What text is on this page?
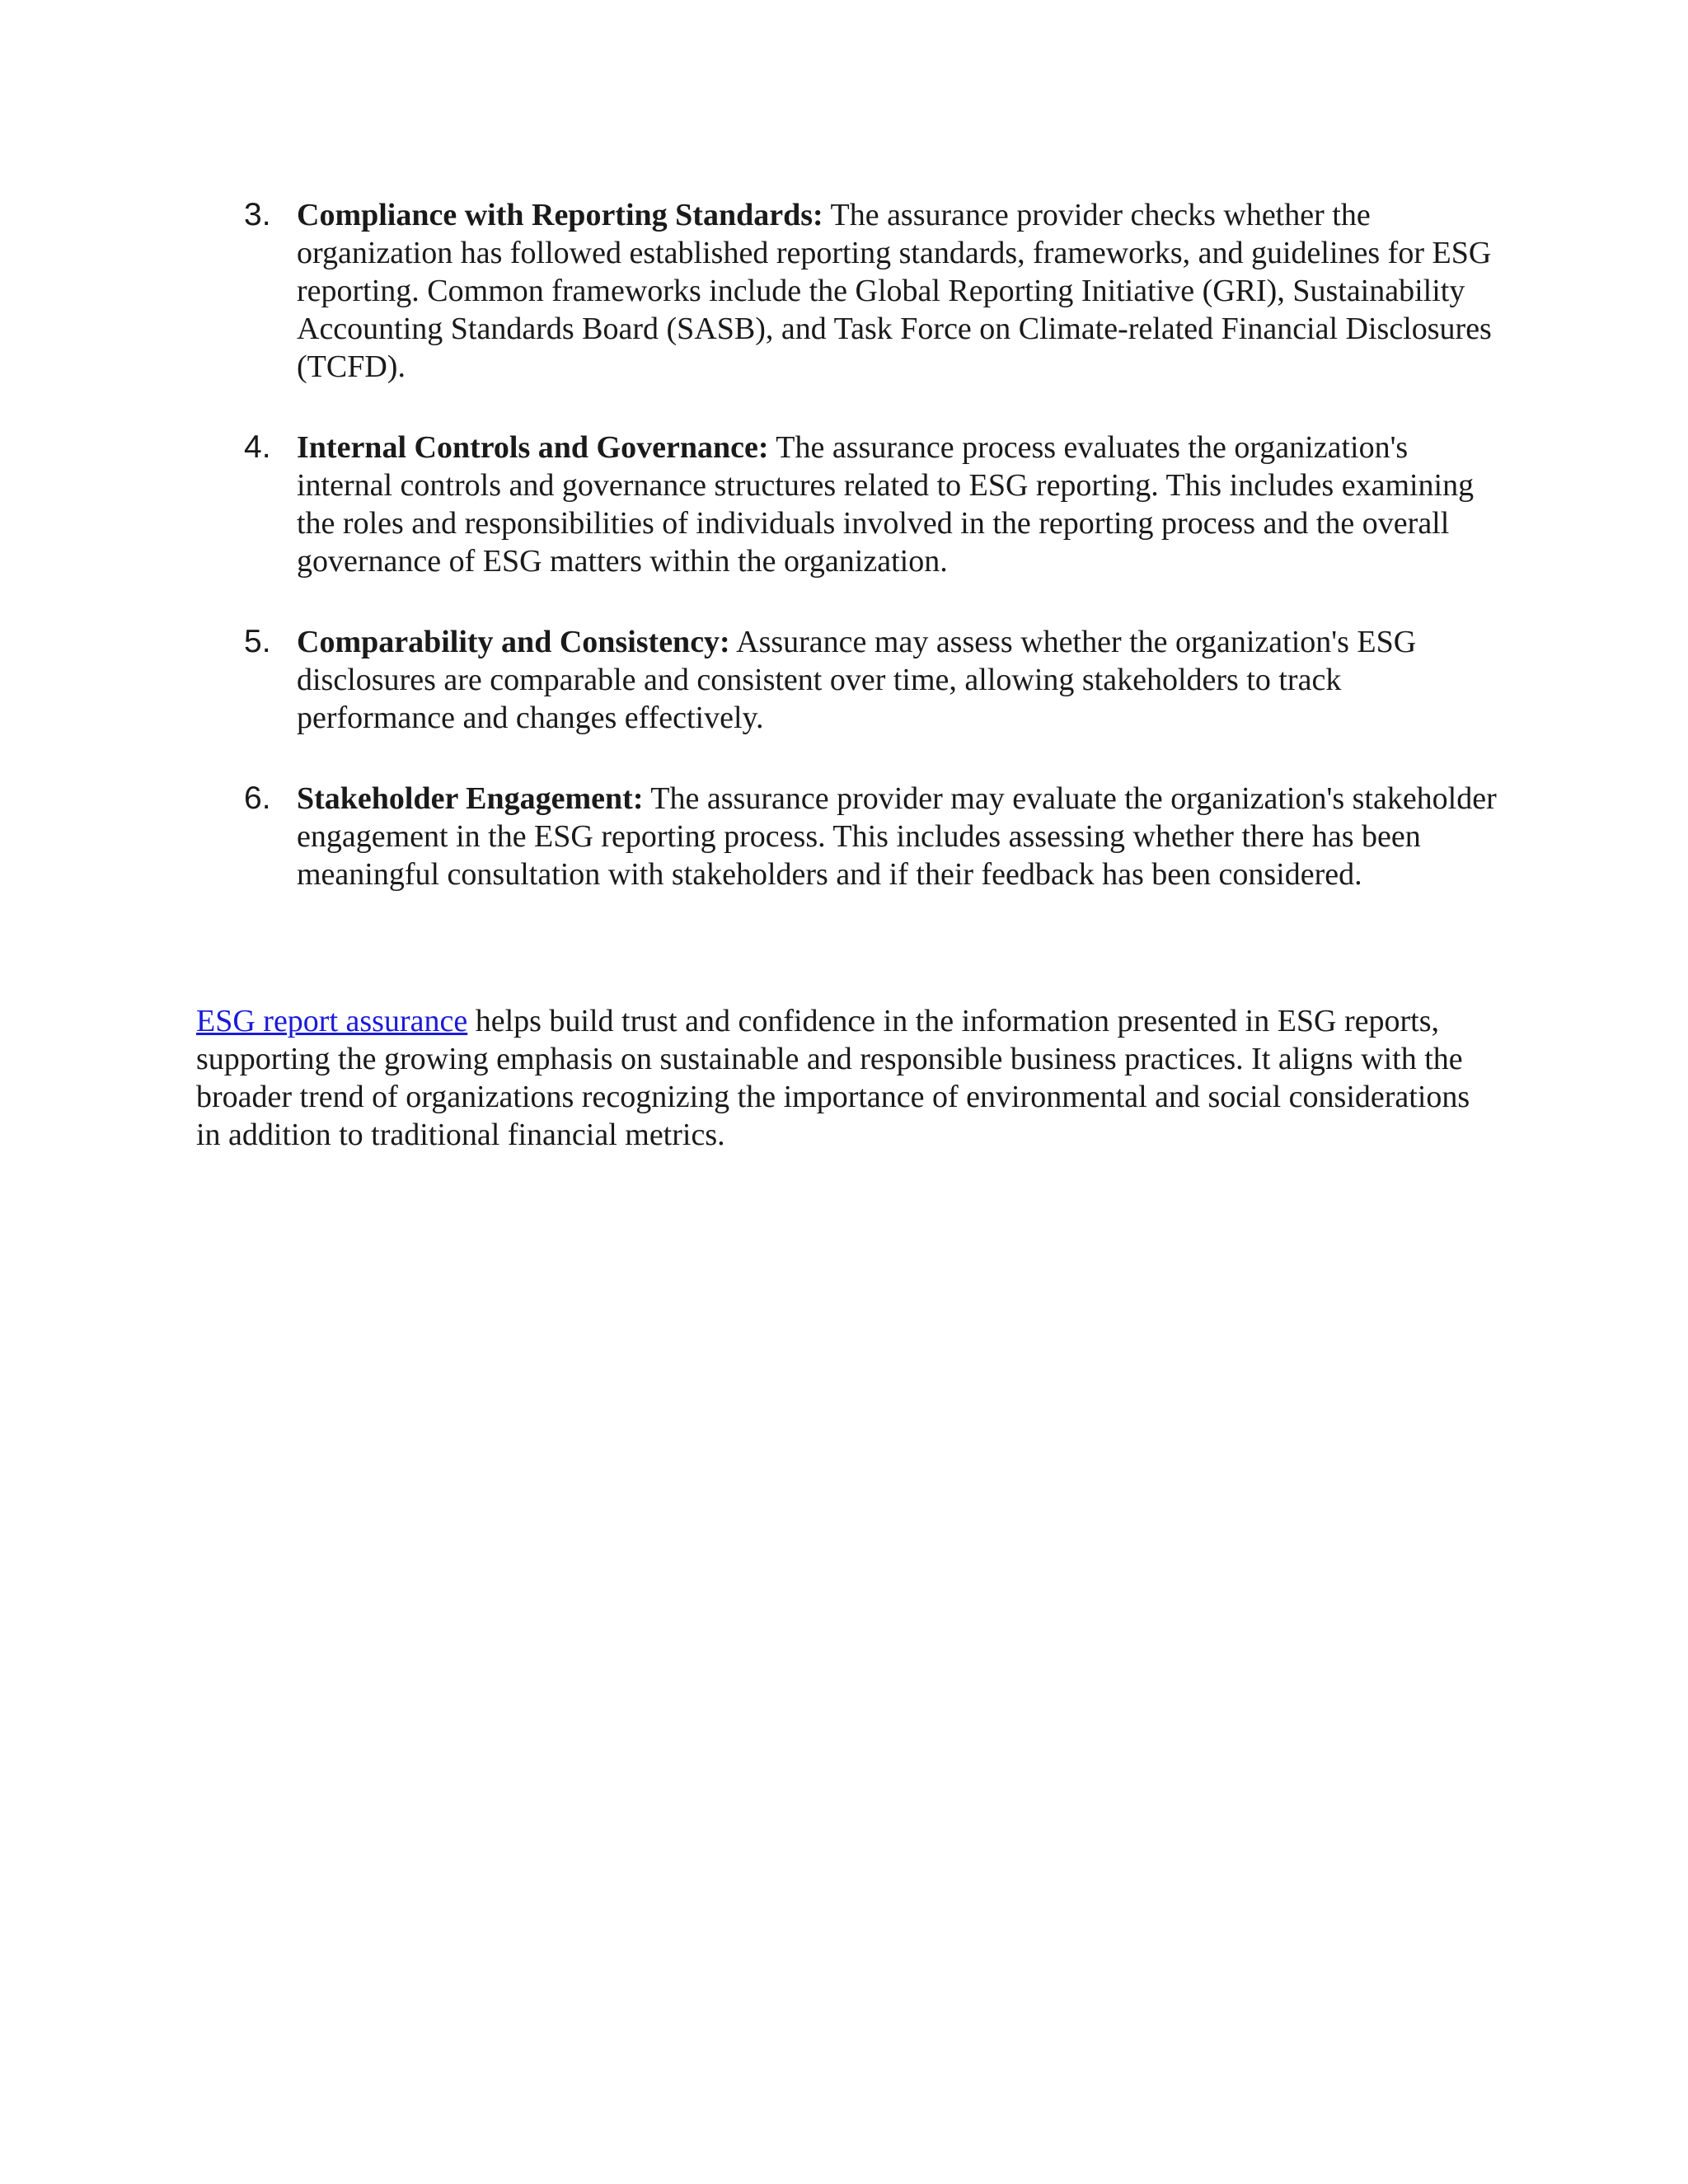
3. Compliance with Reporting Standards: The assurance provider checks whether the organization has followed established reporting standards, frameworks, and guidelines for ESG reporting. Common frameworks include the Global Reporting Initiative (GRI), Sustainability Accounting Standards Board (SASB), and Task Force on Climate-related Financial Disclosures (TCFD).
4. Internal Controls and Governance: The assurance process evaluates the organization's internal controls and governance structures related to ESG reporting. This includes examining the roles and responsibilities of individuals involved in the reporting process and the overall governance of ESG matters within the organization.
5. Comparability and Consistency: Assurance may assess whether the organization's ESG disclosures are comparable and consistent over time, allowing stakeholders to track performance and changes effectively.
6. Stakeholder Engagement: The assurance provider may evaluate the organization's stakeholder engagement in the ESG reporting process. This includes assessing whether there has been meaningful consultation with stakeholders and if their feedback has been considered.

ESG report assurance helps build trust and confidence in the information presented in ESG reports, supporting the growing emphasis on sustainable and responsible business practices. It aligns with the broader trend of organizations recognizing the importance of environmental and social considerations in addition to traditional financial metrics.
